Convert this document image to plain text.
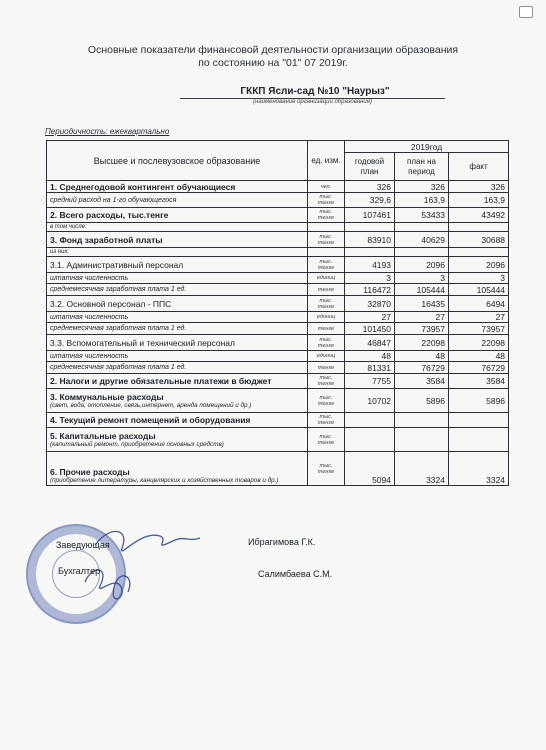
Основные показатели финансовой деятельности организации образования
по состоянию на "01" 07 2019г.
ГККП Ясли-сад №10 "Наурыз"
(наименование организации образования)
Периодичность: ежеквартально
Высшее и послевузовское образование	ед. изм.	2019год		
		годовой план	план на период	факт
1. Среднегодовой контингент обучающиеся	чел.	326	326	326
средний расход на 1-го обучающегося	тыс. тенге	329,6	163,9	163,9
2. Всего расходы, тыс.тенге	тыс. тенге	107461	53433	43492
в том числе:				
3. Фонд заработной платы	тыс. тенге	83910	40629	30688
из них:				
3.1. Административный персонал	тыс. тенге	4193	2096	2096
штатная численность	единиц	3	3	3
среднемесячная заработная плата 1 ед.	тенге	116472	105444	105444
3.2. Основной персонал - ППС	тыс. тенге	32870	16435	6494
штатная численность	единиц	27	27	27
среднемесячная заработная плата 1 ед.	тенге	101450	73957	73957
3.3. Вспомогательный и технический персонал	тыс. тенге	46847	22098	22098
штатная численность	единиц	48	48	48
среднемесячная заработная плата 1 ед.	тенге	81331	76729	76729
2. Налоги и другие обязательные платежи в бюджет	тыс. тенге	7755	3584	3584
3. Коммунальные расходы
(свет, вода, отопление, связь,интернет, аренда помещений и др.)	тыс. тенге	10702	5896	5896
4. Текущий ремонт помещений и оборудования	тыс. тенге			
5. Капитальные расходы
(капитальный ремонт, приобретение основных средств)	тыс. тенге			
6. Прочие расходы
(приобретение литературы, канцелярских и хозяйственных товаров и др.)	тыс. тенге	5094	3324	3324
Заведующая	Ибрагимова Г.К.
Бухгалтер	Салимбаева С.М.
